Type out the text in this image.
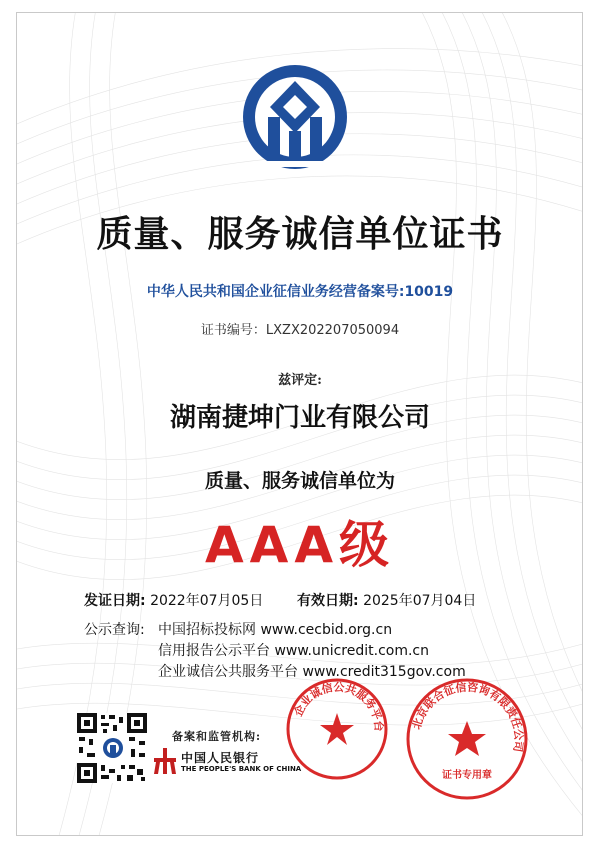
质量、服务诚信单位证书
中华人民共和国企业征信业务经营备案号:10019
证书编号：LXZX202207050094
兹评定:
湖南捷坤门业有限公司
质量、服务诚信单位为
AAA级
发证日期: 2022年07月05日 有效日期: 2025年07月04日
公示查询: 中国招标投标网 www.cecbid.org.cn
信用报告公示平台 www.unicredit.com.cn
企业诚信公共服务平台 www.credit315gov.com
备案和监管机构:
中国人民银行
THE PEOPLE'S BANK OF CHINA
企业诚信公共服务平台 北京联合征信咨询有限责任公司
证书专用章
